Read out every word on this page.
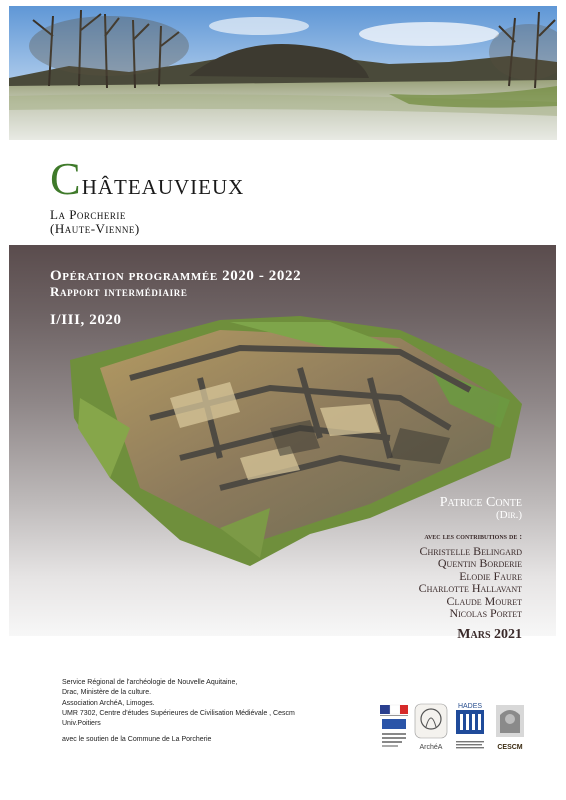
Châteauvieux
La Porcherie
(Haute-Vienne)
Opération programmée 2020 - 2022
Rapport intermédiaire
I/III, 2020
Patrice Conte
(Dir.)
avec les contributions de :
Christelle Belingard
Quentin Borderie
Elodie Faure
Charlotte Hallavant
Claude Mouret
Nicolas Portet
Mars 2021
Service Régional de l'archéologie de Nouvelle Aquitaine,
Drac, Ministère de la culture.
Association ArchéA, Limoges.
UMR 7302, Centre d'études Supérieures de Civilisation Médiévale , Cescm
Univ.Poitiers
avec le soutien de la Commune de La Porcherie
ArchéA
HADES

CESCM
